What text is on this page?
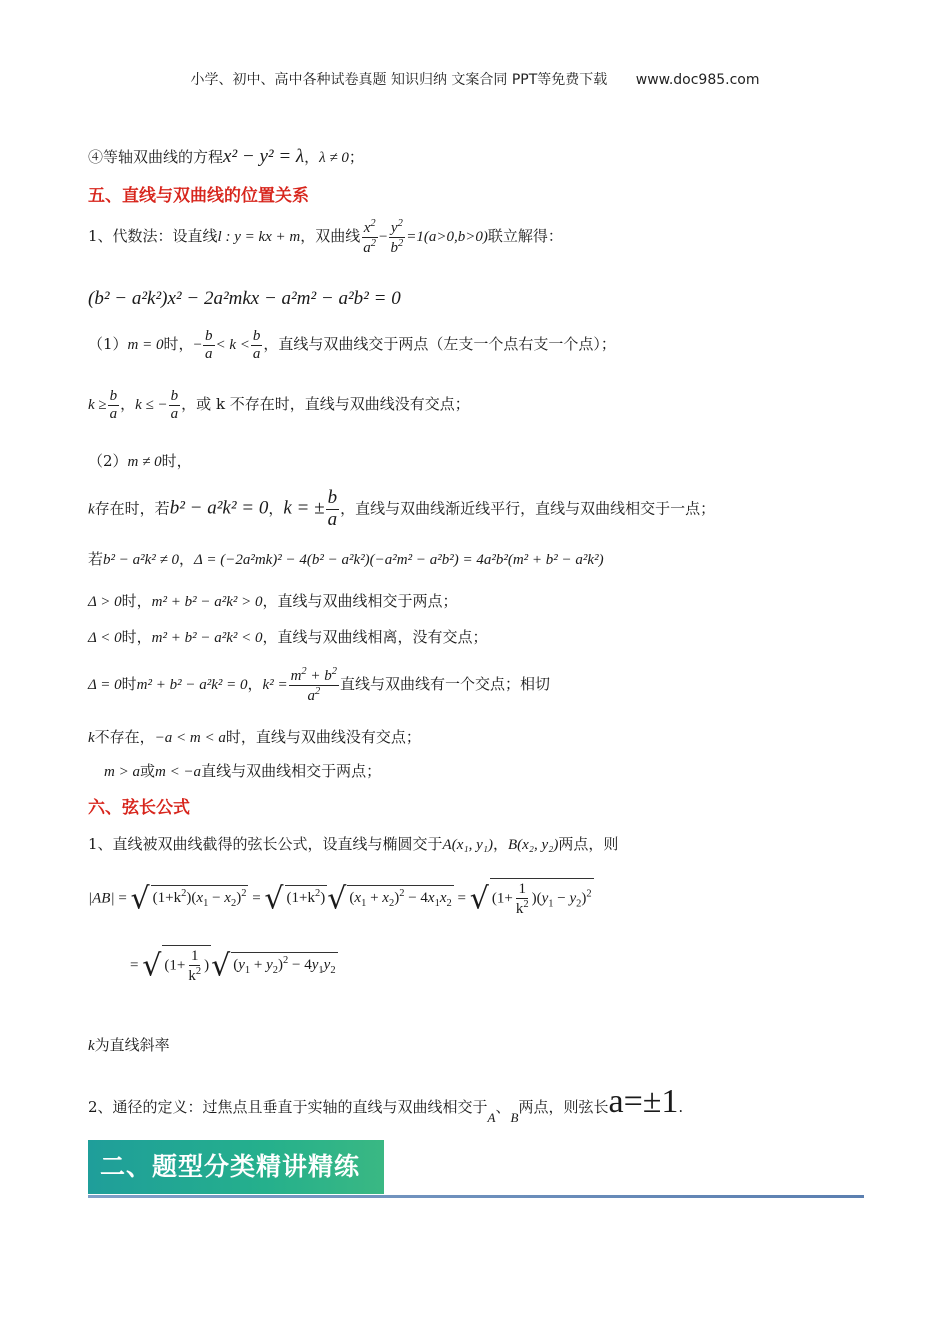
小学、初中、高中各种试卷真题 知识归纳 文案合同 PPT等免费下载 www.doc985.com
④等轴双曲线的方程x² − y² = λ，λ ≠ 0；
五、直线与双曲线的位置关系
1、代数法：设直线l : y = kx + m，双曲线 $\frac{x^2}{a^2} - \frac{y^2}{b^2} =1(a>0,b>0)$联立解得：
(b² − a²k²)x² − 2a²mkx − a²m² − a²b² = 0
（1）m = 0时，− $\frac{b}{a} < k < \frac{b}{a}$ ，直线与双曲线交于两点（左支一个点右支一个点）；
$k \ge \frac{b}{a}$ ，k ≤ − $\frac{b}{a}$ ，或 k 不存在时，直线与双曲线没有交点；
（2）m ≠ 0时，
k存在时，若b² − a²k² = 0，k = ± $\frac{b}{a}$ ，直线与双曲线渐近线平行，直线与双曲线相交于一点；
若b² − a²k² ≠ 0，Δ = (−2a²mk)² − 4(b² − a²k²)(−a²m² − a²b²) = 4a²b²(m² + b² − a²k²)
Δ > 0时，m² + b² − a²k² > 0，直线与双曲线相交于两点；
Δ < 0时，m² + b² − a²k² < 0，直线与双曲线相离，没有交点；
Δ = 0时m² + b² − a²k² = 0，$k^2 = \frac{m^2 + b^2}{a^2}$ 直线与双曲线有一个交点；相切
k不存在，−a < m < a时，直线与双曲线没有交点；
m > a或m < −a直线与双曲线相交于两点；
六、弦长公式
1、直线被双曲线截得的弦长公式，设直线与椭圆交于A(x₁, y₁)，B(x₂, y₂)两点，则
|AB| = √ $(1+k^2)(x_1 - x_2)^2$ = √ $(1+k^2)√$ $(x_1 + x_2)^2 - 4x_1x_2$ = √ $(1+ \frac{1}{k^2} )(y_1 - y_2)^2$
= √ ($1+ \frac{1}{k^2}$ )√ $(y_1 + y_2)^2 - 4y_1y_2$
k为直线斜率
2、通径的定义：过焦点且垂直于实轴的直线与双曲线相交于A、B两点，则弦长a=±1.
二、题型分类精讲精练
